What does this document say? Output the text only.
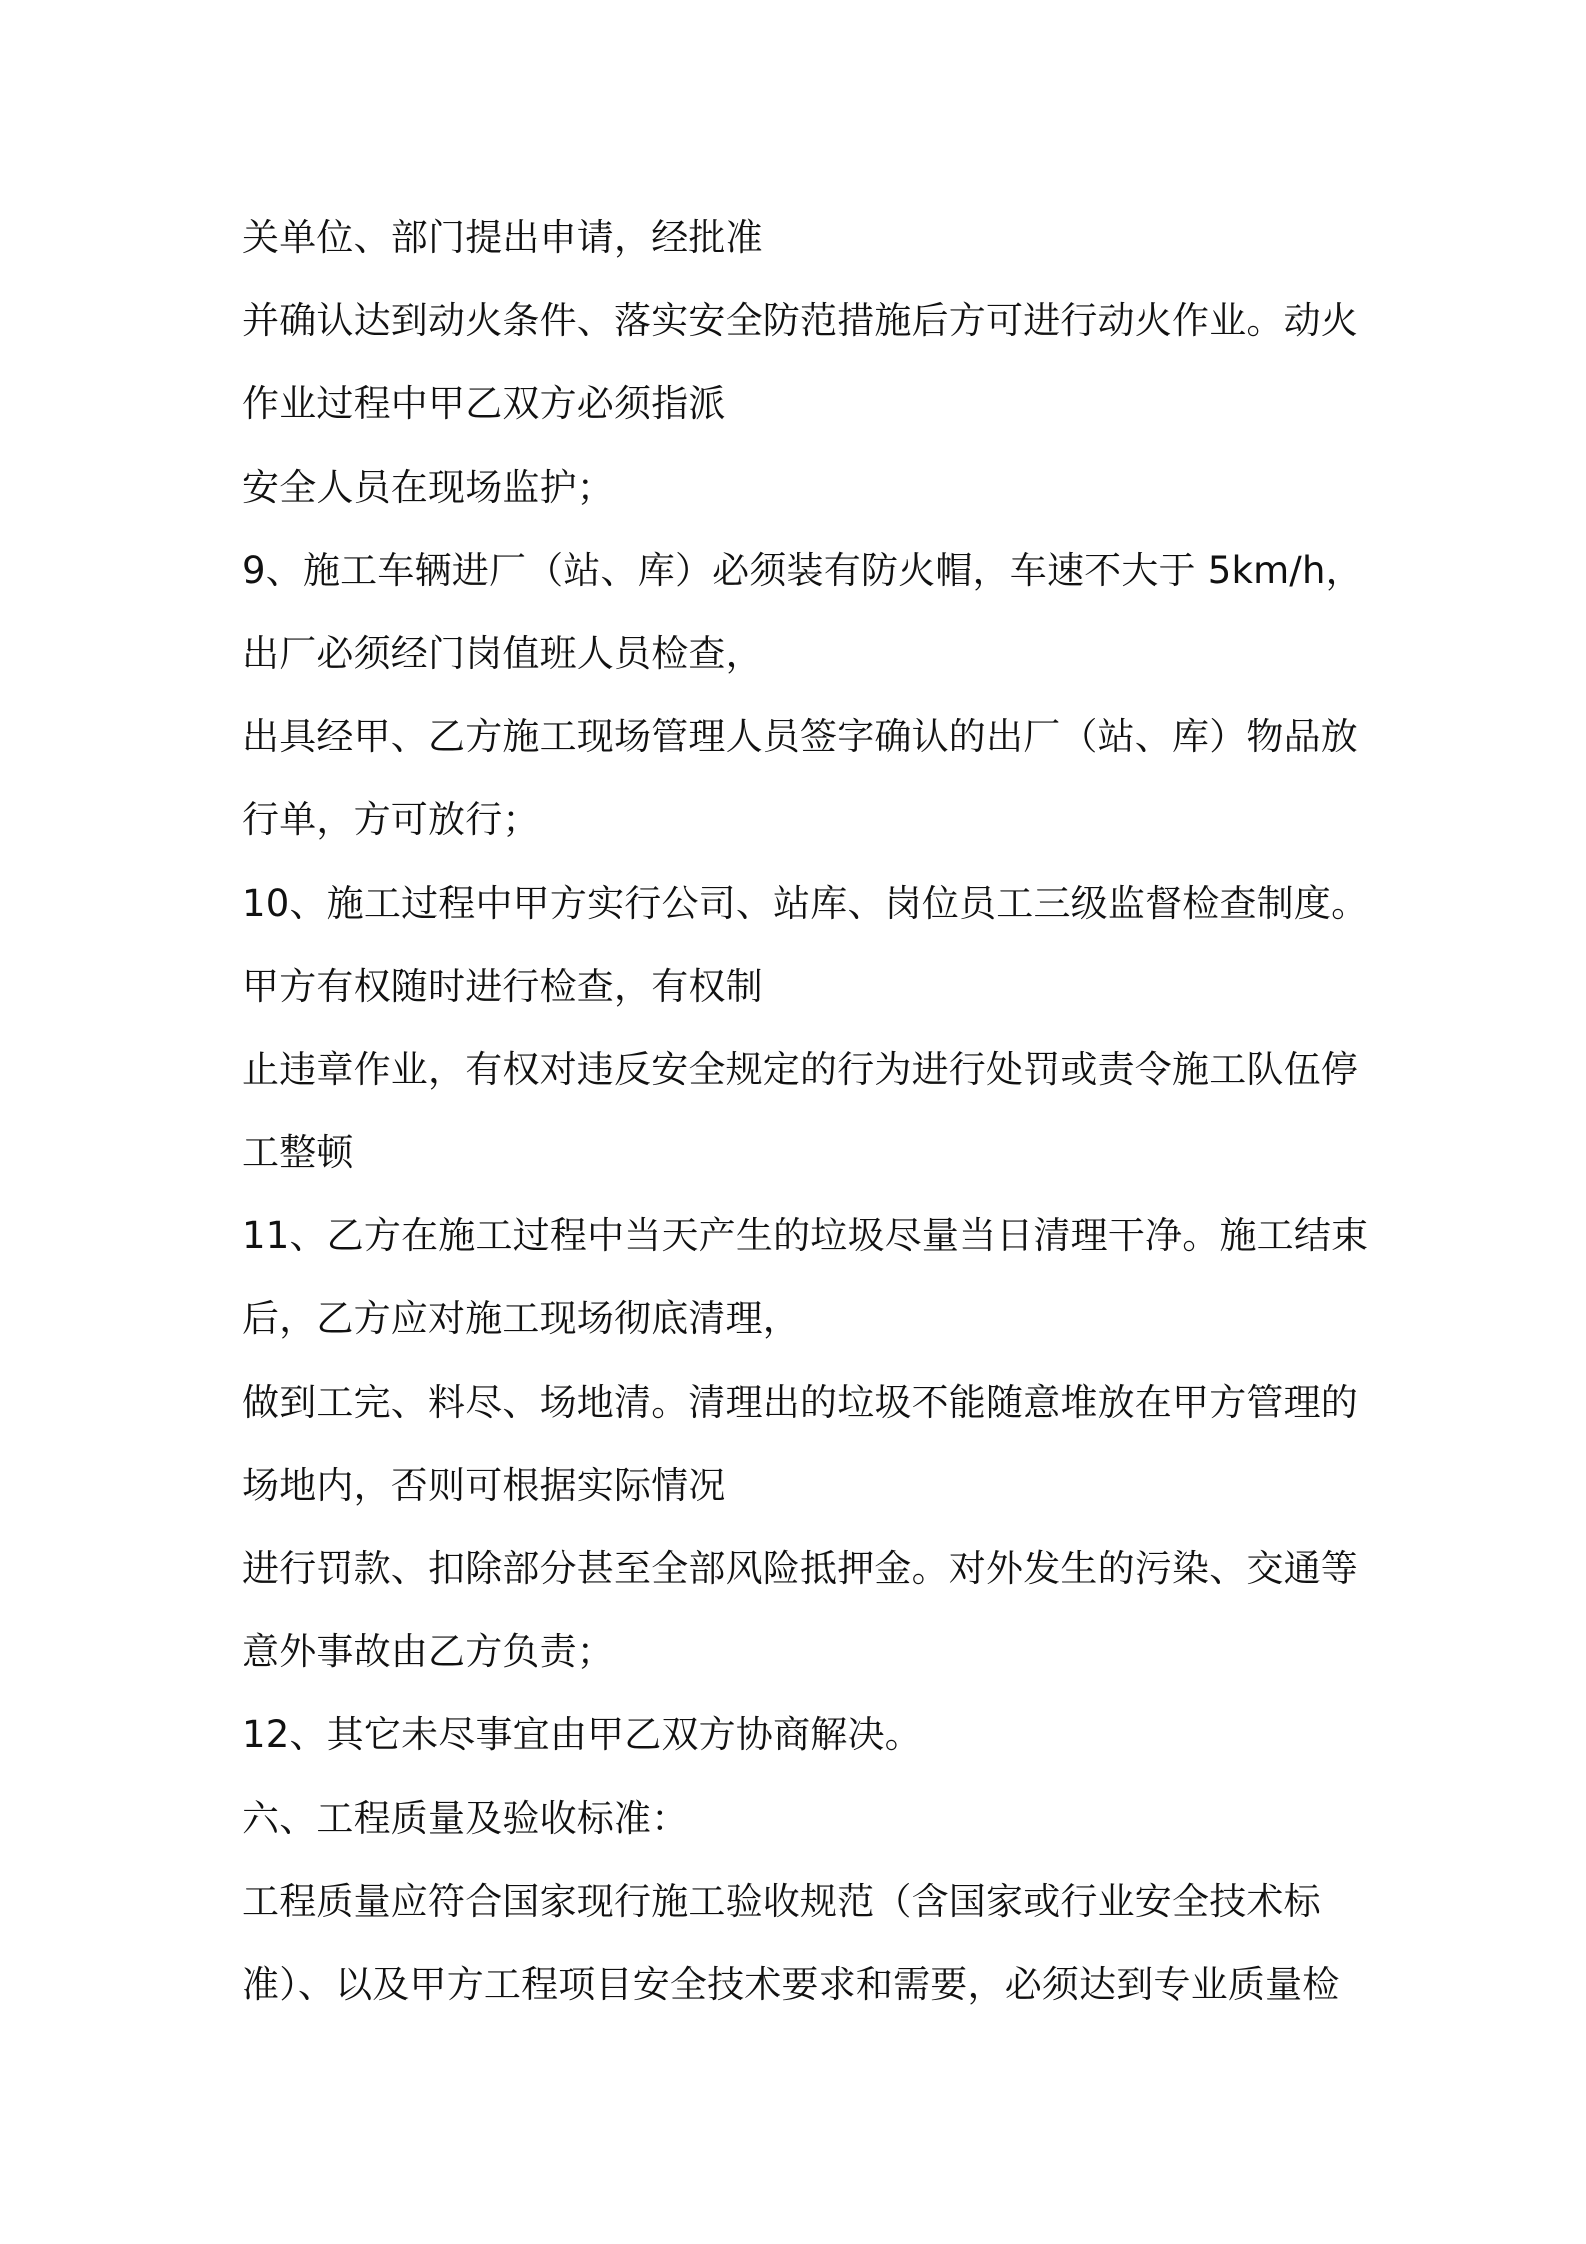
关单位、部门提出申请，经批准
并确认达到动火条件、落实安全防范措施后方可进行动火作业。动火
作业过程中甲乙双方必须指派
安全人员在现场监护；
9、施工车辆进厂（站、库）必须装有防火帽，车速不大于 5km/h，
出厂必须经门岗值班人员检查，
出具经甲、乙方施工现场管理人员签字确认的出厂（站、库）物品放
行单，方可放行；
10、施工过程中甲方实行公司、站库、岗位员工三级监督检查制度。
甲方有权随时进行检查，有权制
止违章作业，有权对违反安全规定的行为进行处罚或责令施工队伍停
工整顿
11、乙方在施工过程中当天产生的垃圾尽量当日清理干净。施工结束
后，乙方应对施工现场彻底清理，
做到工完、料尽、场地清。清理出的垃圾不能随意堆放在甲方管理的
场地内，否则可根据实际情况
进行罚款、扣除部分甚至全部风险抵押金。对外发生的污染、交通等
意外事故由乙方负责；
12、其它未尽事宜由甲乙双方协商解决。
六、工程质量及验收标准：
工程质量应符合国家现行施工验收规范（含国家或行业安全技术标
准）、以及甲方工程项目安全技术要求和需要，必须达到专业质量检
